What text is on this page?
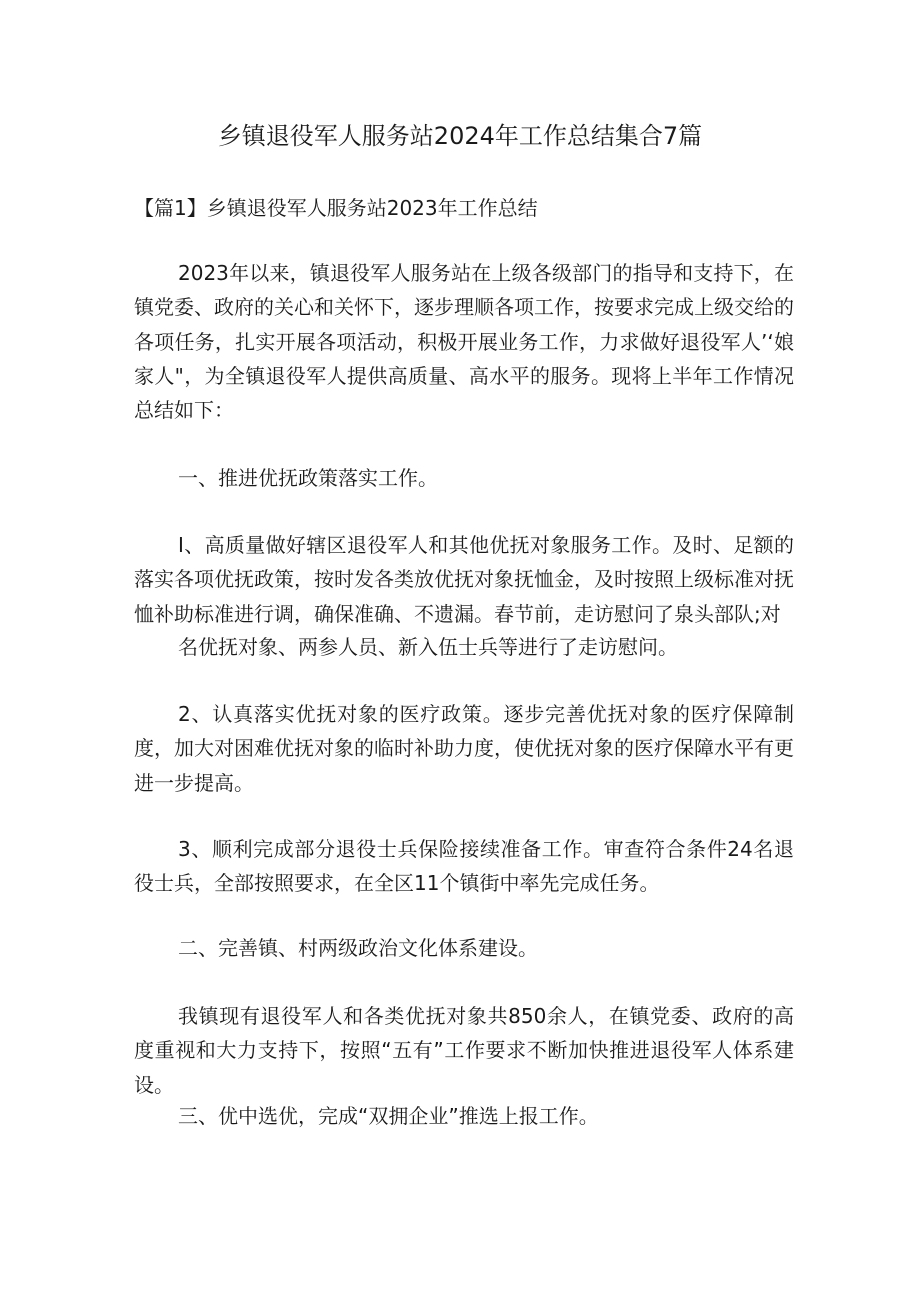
乡镇退役军人服务站2024年工作总结集合7篇
【篇1】乡镇退役军人服务站2023年工作总结

2023年以来，镇退役军人服务站在上级各级部门的指导和支持下，在镇党委、政府的关心和关怀下，逐步理顺各项工作，按要求完成上级交给的各项任务，扎实开展各项活动，积极开展业务工作，力求做好退役军人’‘娘家人"，为全镇退役军人提供高质量、高水平的服务。现将上半年工作情况总结如下：

一、推进优抚政策落实工作。

I、高质量做好辖区退役军人和其他优抚对象服务工作。及时、足额的落实各项优抚政策，按时发各类放优抚对象抚恤金，及时按照上级标准对抚恤补助标准进行调，确保准确、不遗漏。春节前，走访慰问了泉头部队;对

名优抚对象、两参人员、新入伍士兵等进行了走访慰问。

2、认真落实优抚对象的医疗政策。逐步完善优抚对象的医疗保障制度，加大对困难优抚对象的临时补助力度，使优抚对象的医疗保障水平有更进一步提高。

3、顺利完成部分退役士兵保险接续准备工作。审查符合条件24名退役士兵，全部按照要求，在全区11个镇街中率先完成任务。

二、完善镇、村两级政治文化体系建设。

我镇现有退役军人和各类优抚对象共850余人，在镇党委、政府的高度重视和大力支持下，按照“五有”工作要求不断加快推进退役军人体系建设。

三、优中选优，完成“双拥企业”推选上报工作。
